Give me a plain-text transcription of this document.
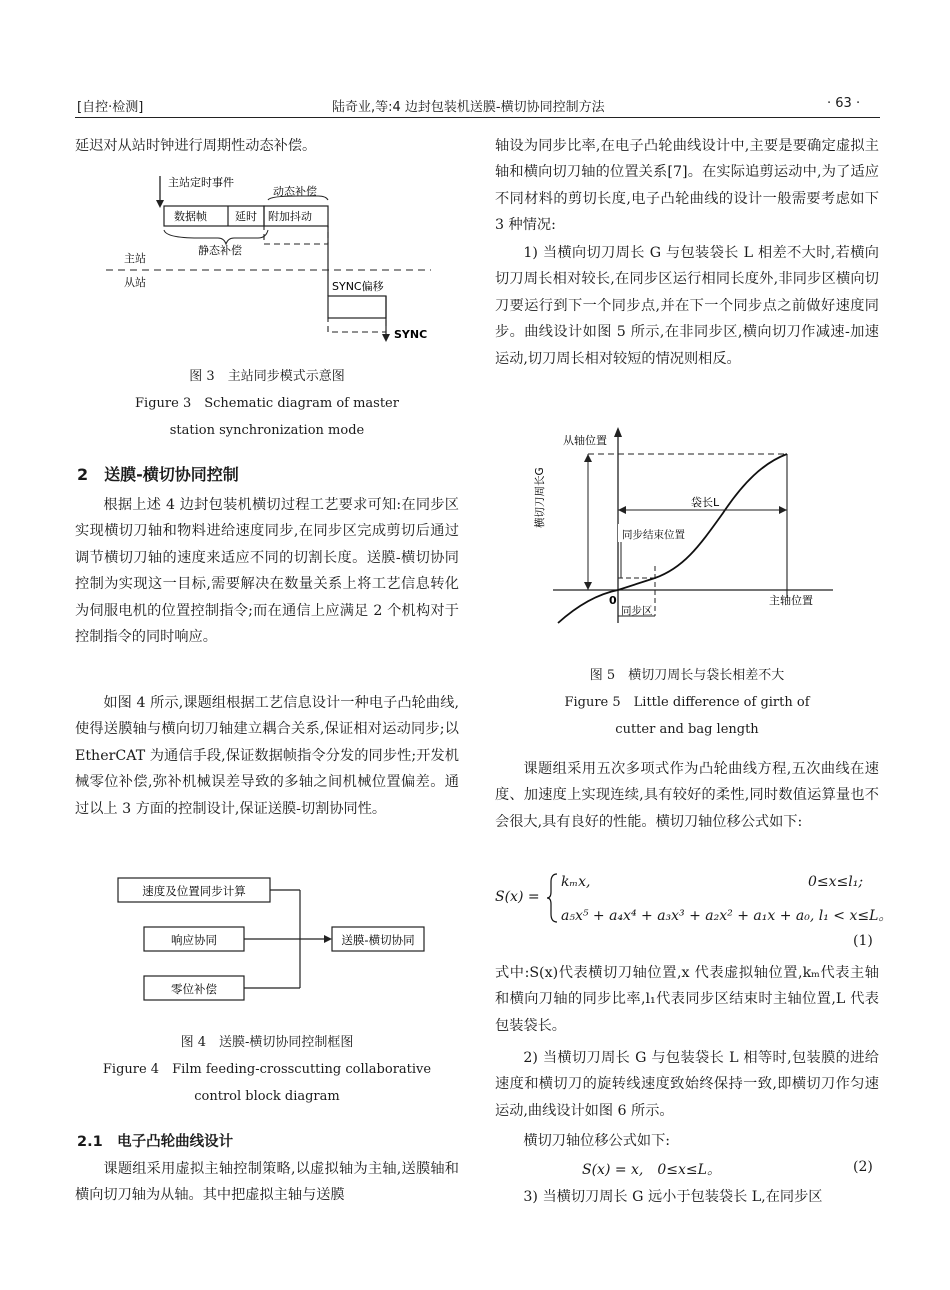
[自控·检测]	陆奇业,等:4 边封包装机送膜-横切协同控制方法	· 63 ·

延迟对从站时钟进行周期性动态补偿。

主站定时事件
动态补偿
数据帧	延时 附加抖动
静态补偿
主站
从站	SYNC偏移
SYNC
图 3　主站同步模式示意图
Figure 3　Schematic diagram of master
station synchronization mode
2　送膜-横切协同控制

根据上述 4 边封包装机横切过程工艺要求可知:在同步区实现横切刀轴和物料进给速度同步,在同步区完成剪切后通过调节横切刀轴的速度来适应不同的切割长度。送膜-横切协同控制为实现这一目标,需要解决在数量关系上将工艺信息转化为伺服电机的位置控制指令;而在通信上应满足 2 个机构对于控制指令的同时响应。

如图 4 所示,课题组根据工艺信息设计一种电子凸轮曲线,使得送膜轴与横向切刀轴建立耦合关系,保证相对运动同步;以 EtherCAT 为通信手段,保证数据帧指令分发的同步性;开发机械零位补偿,弥补机械误差导致的多轴之间机械位置偏差。通过以上 3 方面的控制设计,保证送膜-切割协同性。

速度及位置同步计算
响应协同
零位补偿
送膜-横切协同
图 4　送膜-横切协同控制框图
Figure 4　Film feeding-crosscutting collaborative
control block diagram
2.1　电子凸轮曲线设计

课题组采用虚拟主轴控制策略,以虚拟轴为主轴,送膜轴和横向切刀轴为从轴。其中把虚拟主轴与送膜

轴设为同步比率,在电子凸轮曲线设计中,主要是要确定虚拟主轴和横向切刀轴的位置关系[7]。在实际追剪运动中,为了适应不同材料的剪切长度,电子凸轮曲线的设计一般需要考虑如下 3 种情况:

1) 当横向切刀周长 G 与包装袋长 L 相差不大时,若横向切刀周长相对较长,在同步区运行相同长度外,非同步区横向切刀要运行到下一个同步点,并在下一个同步点之前做好速度同步。曲线设计如图 5 所示,在非同步区,横向切刀作减速-加速运动,切刀周长相对较短的情况则相反。

从轴位置
主轴位置
0
横切刀周长G	袋长L
同步结束位置
同步区
图 5　横切刀周长与袋长相差不大
Figure 5　Little difference of girth of
cutter and bag length

课题组采用五次多项式作为凸轮曲线方程,五次曲线在速度、加速度上实现连续,具有较好的柔性,同时数值运算量也不会很大,具有良好的性能。横切刀轴位移公式如下:

S(x) =
kₘx,	0≤x≤l₁;
a₅x⁵ + a₄x⁴ + a₃x³ + a₂x² + a₁x + a₀, l₁ < x≤L。
(1)

式中:S(x)代表横切刀轴位置,x 代表虚拟轴位置,kₘ代表主轴和横向刀轴的同步比率,l₁代表同步区结束时主轴位置,L 代表包装袋长。

2) 当横切刀周长 G 与包装袋长 L 相等时,包装膜的进给速度和横切刀的旋转线速度致始终保持一致,即横切刀作匀速运动,曲线设计如图 6 所示。

横切刀轴位移公式如下:

S(x) = x,　0≤x≤L。	(2)

3) 当横切刀周长 G 远小于包装袋长 L,在同步区
